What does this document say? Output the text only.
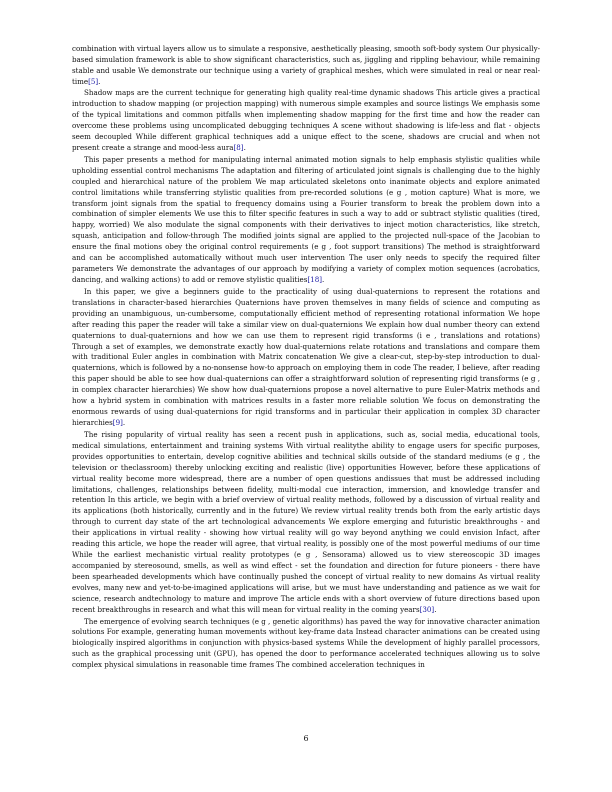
combination with virtual layers allow us to simulate a responsive, aesthetically pleasing, smooth soft-body system Our physically-based simulation framework is able to show significant characteristics, such as, jiggling and rippling behaviour, while remaining stable and usable We demonstrate our technique using a variety of graphical meshes, which were simulated in real or near real-time[5].

Shadow maps are the current technique for generating high quality real-time dynamic shadows This article gives a practical introduction to shadow mapping (or projection mapping) with numerous simple examples and source listings We emphasis some of the typical limitations and common pitfalls when implementing shadow mapping for the first time and how the reader can overcome these problems using uncomplicated debugging techniques A scene without shadowing is life-less and flat - objects seem decoupled While different graphical techniques add a unique effect to the scene, shadows are crucial and when not present create a strange and mood-less aura[8].

This paper presents a method for manipulating internal animated motion signals to help emphasis stylistic qualities while upholding essential control mechanisms The adaptation and filtering of articulated joint signals is challenging due to the highly coupled and hierarchical nature of the problem We map articulated skeletons onto inanimate objects and explore animated control limitations while transferring stylistic qualities from pre-recorded solutions (e g , motion capture) What is more, we transform joint signals from the spatial to frequency domains using a Fourier transform to break the problem down into a combination of simpler elements We use this to filter specific features in such a way to add or subtract stylistic qualities (tired, happy, worried) We also modulate the signal components with their derivatives to inject motion characteristics, like stretch, squash, anticipation and follow-through The modified joints signal are applied to the projected null-space of the Jacobian to ensure the final motions obey the original control requirements (e g , foot support transitions) The method is straightforward and can be accomplished automatically without much user intervention The user only needs to specify the required filter parameters We demonstrate the advantages of our approach by modifying a variety of complex motion sequences (acrobatics, dancing, and walking actions) to add or remove stylistic qualities[18].

In this paper, we give a beginners guide to the practicality of using dual-quaternions to represent the rotations and translations in character-based hierarchies Quaternions have proven themselves in many fields of science and computing as providing an unambiguous, un-cumbersome, computationally efficient method of representing rotational information We hope after reading this paper the reader will take a similar view on dual-quaternions We explain how dual number theory can extend quaternions to dual-quaternions and how we can use them to represent rigid transforms (i e , translations and rotations) Through a set of examples, we demonstrate exactly how dual-quaternions relate rotations and translations and compare them with traditional Euler angles in combination with Matrix concatenation We give a clear-cut, step-by-step introduction to dual-quaternions, which is followed by a no-nonsense how-to approach on employing them in code The reader, I believe, after reading this paper should be able to see how dual-quaternions can offer a straightforward solution of representing rigid transforms (e g , in complex character hierarchies) We show how dual-quaternions propose a novel alternative to pure Euler-Matrix methods and how a hybrid system in combination with matrices results in a faster more reliable solution We focus on demonstrating the enormous rewards of using dual-quaternions for rigid transforms and in particular their application in complex 3D character hierarchies[9].

The rising popularity of virtual reality has seen a recent push in applications, such as, social media, educational tools, medical simulations, entertainment and training systems With virtual realitythe ability to engage users for specific purposes, provides opportunities to entertain, develop cognitive abilities and technical skills outside of the standard mediums (e g , the television or theclassroom) thereby unlocking exciting and realistic (live) opportunities However, before these applications of virtual reality become more widespread, there are a number of open questions andissues that must be addressed including limitations, challenges, relationships between fidelity, multi-modal cue interaction, immersion, and knowledge transfer and retention In this article, we begin with a brief overview of virtual reality methods, followed by a discussion of virtual reality and its applications (both historically, currently and in the future) We review virtual reality trends both from the early artistic days through to current day state of the art technological advancements We explore emerging and futuristic breakthroughs - and their applications in virtual reality - showing how virtual reality will go way beyond anything we could envision Infact, after reading this article, we hope the reader will agree, that virtual reality, is possibly one of the most powerful mediums of our time While the earliest mechanistic virtual reality prototypes (e g , Sensorama) allowed us to view stereoscopic 3D images accompanied by stereosound, smells, as well as wind effect - set the foundation and direction for future pioneers - there have been spearheaded developments which have continually pushed the concept of virtual reality to new domains As virtual reality evolves, many new and yet-to-be-imagined applications will arise, but we must have understanding and patience as we wait for science, research andtechnology to mature and improve The article ends with a short overview of future directions based upon recent breakthroughs in research and what this will mean for virtual reality in the coming years[30].

The emergence of evolving search techniques (e g , genetic algorithms) has paved the way for innovative character animation solutions For example, generating human movements without key-frame data Instead character animations can be created using biologically inspired algorithms in conjunction with physics-based systems While the development of highly parallel processors, such as the graphical processing unit (GPU), has opened the door to performance accelerated techniques allowing us to solve complex physical simulations in reasonable time frames The combined acceleration techniques in

6
